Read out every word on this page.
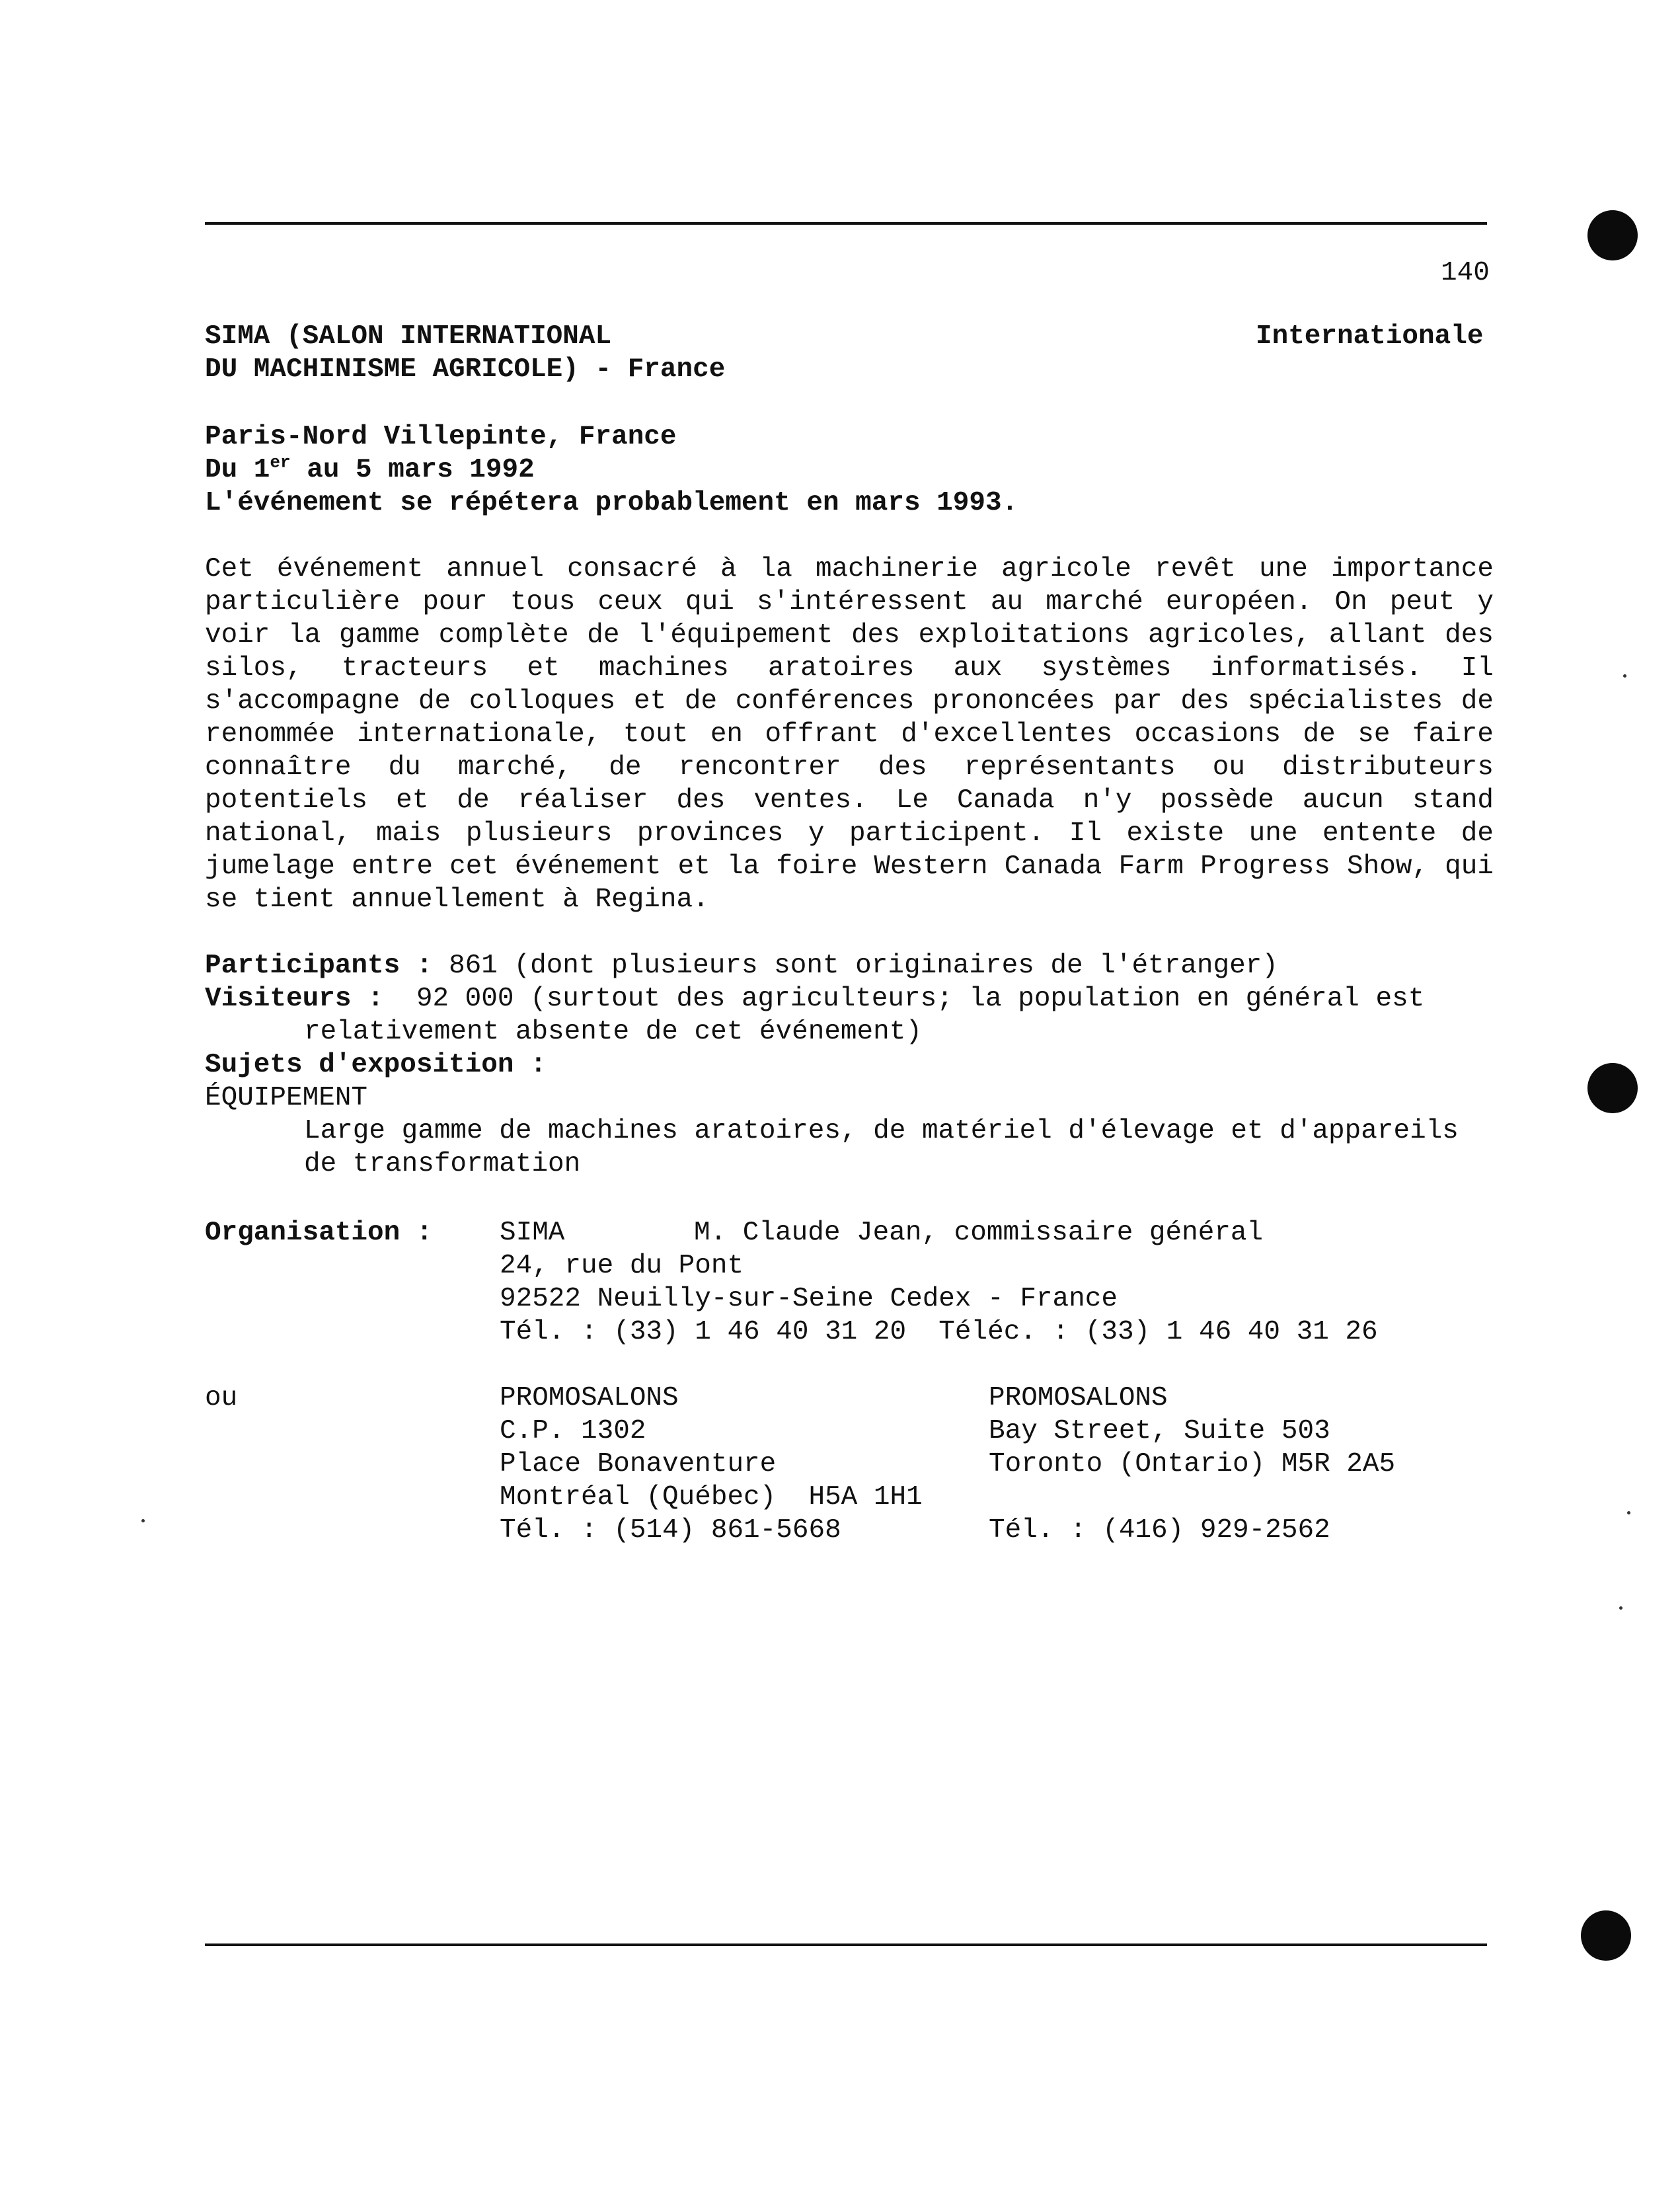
140
Internationale
SIMA (SALON INTERNATIONAL
DU MACHINISME AGRICOLE) - France
Paris-Nord Villepinte, France
Du 1er au 5 mars 1992
L'événement se répétera probablement en mars 1993.
Cet événement annuel consacré à la machinerie agricole revêt une importance particulière pour tous ceux qui s'intéressent au marché européen. On peut y voir la gamme complète de l'équipement des exploitations agricoles, allant des silos, tracteurs et machines aratoires aux systèmes informatisés. Il s'accompagne de colloques et de conférences prononcées par des spécialistes de renommée internationale, tout en offrant d'excellentes occasions de se faire connaître du marché, de rencontrer des représentants ou distributeurs potentiels et de réaliser des ventes. Le Canada n'y possède aucun stand national, mais plusieurs provinces y participent. Il existe une entente de jumelage entre cet événement et la foire Western Canada Farm Progress Show, qui se tient annuellement à Regina.
Participants : 861 (dont plusieurs sont originaires de l'étranger)
Visiteurs :  92 000 (surtout des agriculteurs; la population en général est
relativement absente de cet événement)
Sujets d'exposition :
ÉQUIPEMENT
Large gamme de machines aratoires, de matériel d'élevage et d'appareils
de transformation
Organisation : SIMA	M. Claude Jean, commissaire général
24, rue du Pont
92522 Neuilly-sur-Seine Cedex - France
Tél. : (33) 1 46 40 31 20  Téléc. : (33) 1 46 40 31 26
ou	PROMOSALONS
C.P. 1302
Place Bonaventure
Montréal (Québec)  H5A 1H1
Tél. : (514) 861-5668
PROMOSALONS
Bay Street, Suite 503
Toronto (Ontario) M5R 2A5
Tél. : (416) 929-2562
